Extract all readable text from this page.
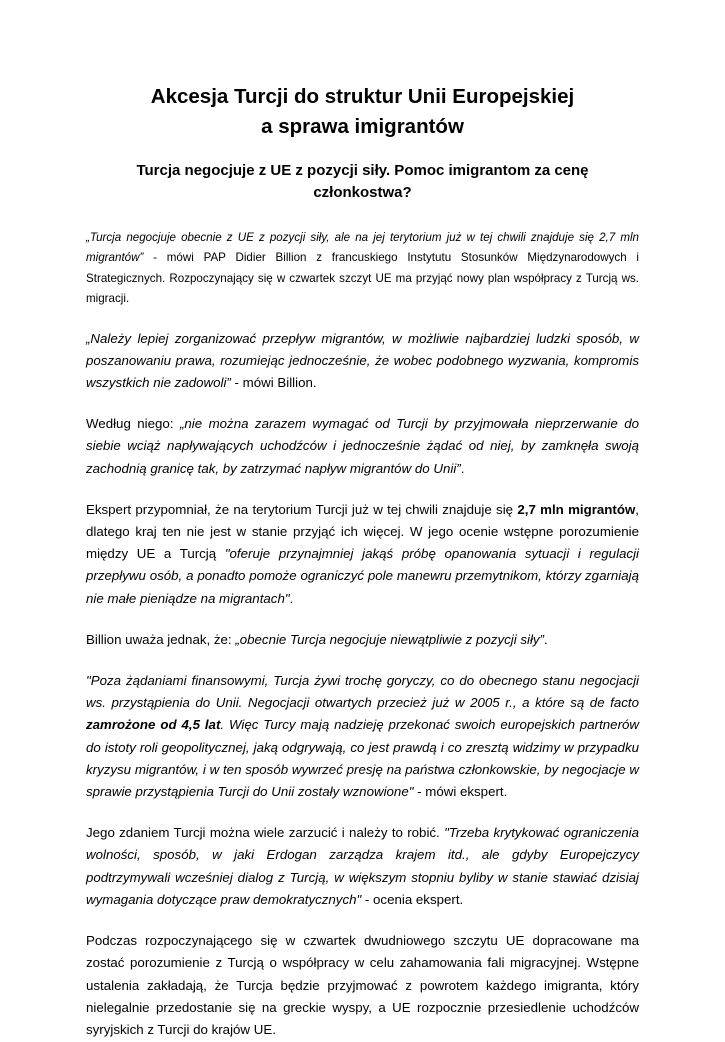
Akcesja Turcji do struktur Unii Europejskiej
a sprawa imigrantów
Turcja negocjuje z UE z pozycji siły. Pomoc imigrantom za cenę członkostwa?

„Turcja negocjuje obecnie z UE z pozycji siły, ale na jej terytorium już w tej chwili znajduje się 2,7 mln migrantów” - mówi PAP Didier Billion z francuskiego Instytutu Stosunków Międzynarodowych i Strategicznych. Rozpoczynający się w czwartek szczyt UE ma przyjąć nowy plan współpracy z Turcją ws. migracji.

„Należy lepiej zorganizować przepływ migrantów, w możliwie najbardziej ludzki sposób, w poszanowaniu prawa, rozumiejąc jednocześnie, że wobec podobnego wyzwania, kompromis wszystkich nie zadowoli” - mówi Billion.

Według niego: „nie można zarazem wymagać od Turcji by przyjmowała nieprzerwanie do siebie wciąż napływających uchodźców i jednocześnie żądać od niej, by zamknęła swoją zachodnią granicę tak, by zatrzymać napływ migrantów do Unii”.

Ekspert przypomniał, że na terytorium Turcji już w tej chwili znajduje się 2,7 mln migrantów, dlatego kraj ten nie jest w stanie przyjąć ich więcej. W jego ocenie wstępne porozumienie między UE a Turcją "oferuje przynajmniej jakąś próbę opanowania sytuacji i regulacji przepływu osób, a ponadto pomoże ograniczyć pole manewru przemytnikom, którzy zgarniają nie małe pieniądze na migrantach".

Billion uważa jednak, że: „obecnie Turcja negocjuje niewątpliwie z pozycji siły”.

"Poza żądaniami finansowymi, Turcja żywi trochę goryczy, co do obecnego stanu negocjacji ws. przystąpienia do Unii. Negocjacji otwartych przecież już w 2005 r., a które są de facto zamrożone od 4,5 lat. Więc Turcy mają nadzieję przekonać swoich europejskich partnerów do istoty roli geopolitycznej, jaką odgrywają, co jest prawdą i co zresztą widzimy w przypadku kryzysu migrantów, i w ten sposób wywrzeć presję na państwa członkowskie, by negocjacje w sprawie przystąpienia Turcji do Unii zostały wznowione" - mówi ekspert.

Jego zdaniem Turcji można wiele zarzucić i należy to robić. "Trzeba krytykować ograniczenia wolności, sposób, w jaki Erdogan zarządza krajem itd., ale gdyby Europejczycy podtrzymywali wcześniej dialog z Turcją, w większym stopniu byliby w stanie stawiać dzisiaj wymagania dotyczące praw demokratycznych" - ocenia ekspert.

Podczas rozpoczynającego się w czwartek dwudniowego szczytu UE dopracowane ma zostać porozumienie z Turcją o współpracy w celu zahamowania fali migracyjnej. Wstępne ustalenia zakładają, że Turcja będzie przyjmować z powrotem każdego imigranta, który nielegalnie przedostanie się na greckie wyspy, a UE rozpocznie przesiedlenie uchodźców syryjskich z Turcji do krajów UE.
